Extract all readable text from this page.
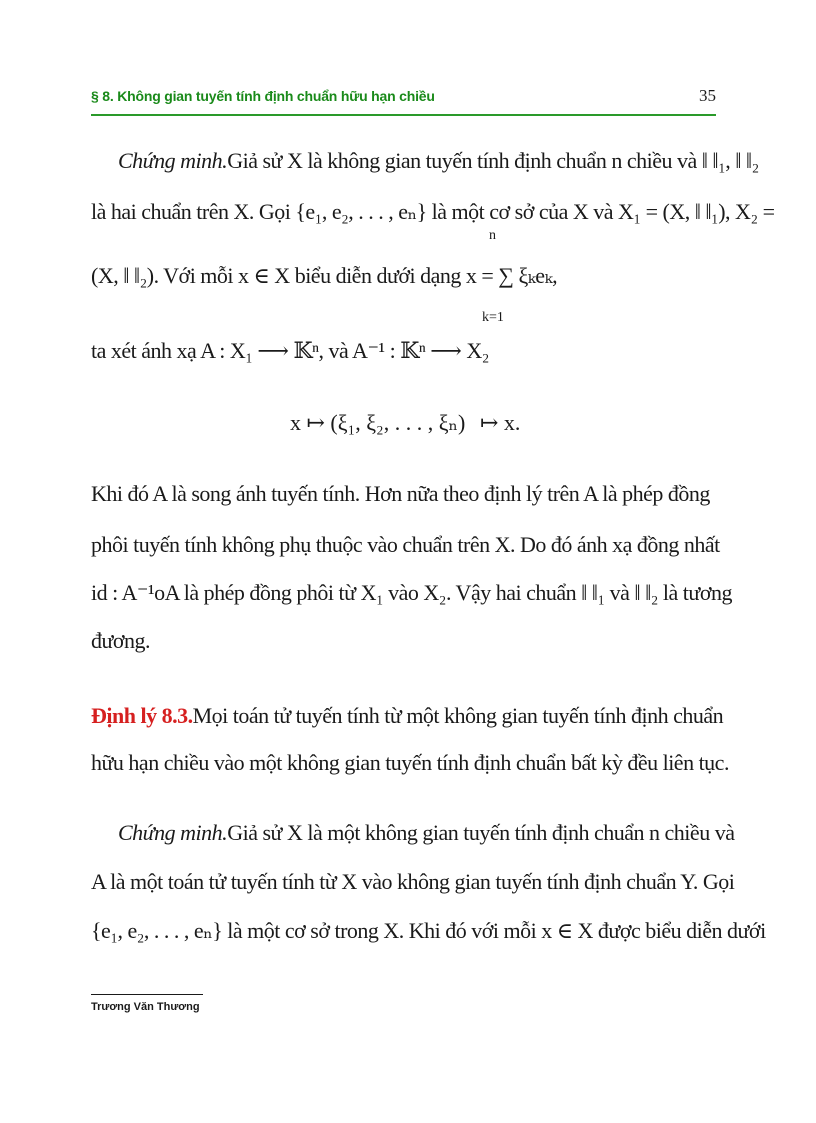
§ 8. Không gian tuyến tính định chuẩn hữu hạn chiều	35
Chứng minh. Giả sử X là không gian tuyến tính định chuẩn n chiều và ‖ ‖₁, ‖ ‖₂
là hai chuẩn trên X. Gọi {e₁, e₂, . . . , eₙ} là một cơ sở của X và X₁ = (X, ‖ ‖₁), X₂ =
(X, ‖ ‖₂). Với mỗi x ∈ X biểu diễn dưới dạng x = ∑ ξₖeₖ,
n
k=1
ta xét ánh xạ A : X₁ ⟶ 𝕂ⁿ, và A⁻¹ : 𝕂ⁿ ⟶ X₂
x ↦ (ξ₁, ξ₂, . . . , ξₙ) ↦ x.
Khi đó A là song ánh tuyến tính. Hơn nữa theo định lý trên A là phép đồng
phôi tuyến tính không phụ thuộc vào chuẩn trên X. Do đó ánh xạ đồng nhất
id : A⁻¹oA là phép đồng phôi từ X₁ vào X₂. Vậy hai chuẩn ‖ ‖₁ và ‖ ‖₂ là tương
đương.
Định lý 8.3. Mọi toán tử tuyến tính từ một không gian tuyến tính định chuẩn
hữu hạn chiều vào một không gian tuyến tính định chuẩn bất kỳ đều liên tục.
Chứng minh. Giả sử X là một không gian tuyến tính định chuẩn n chiều và
A là một toán tử tuyến tính từ X vào không gian tuyến tính định chuẩn Y. Gọi
{e₁, e₂, . . . , eₙ} là một cơ sở trong X. Khi đó với mỗi x ∈ X được biểu diễn dưới
Trương Văn Thương
